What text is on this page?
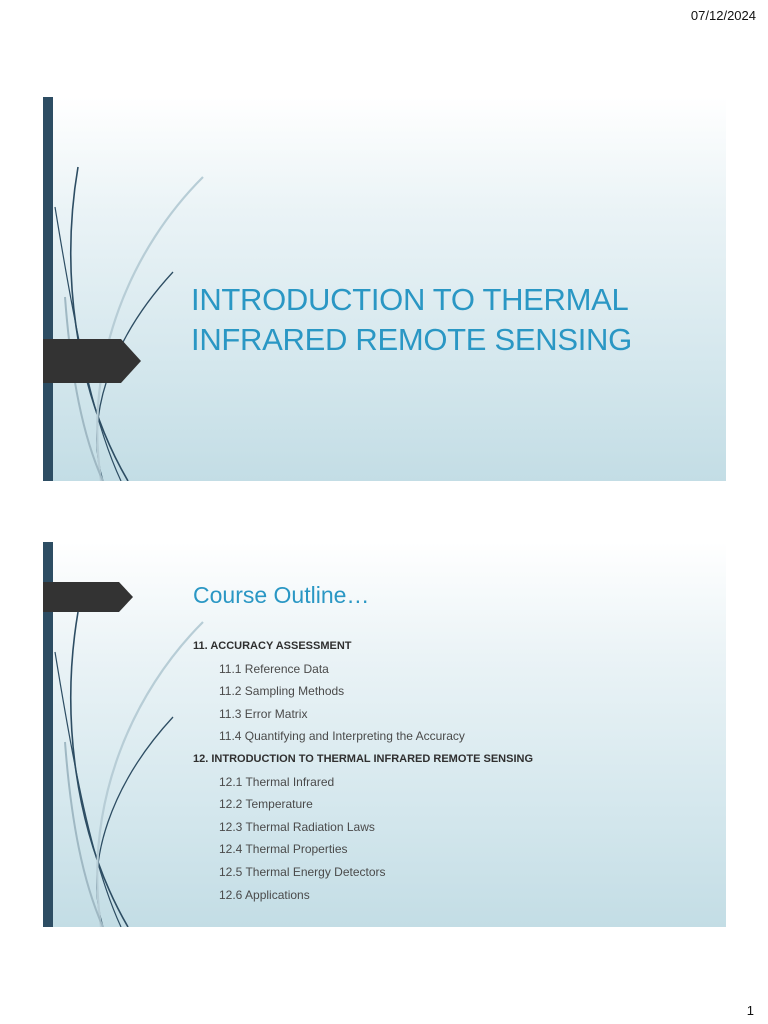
07/12/2024
INTRODUCTION TO THERMAL
INFRARED REMOTE SENSING
Course Outline…
11. ACCURACY ASSESSMENT
11.1 Reference Data
11.2 Sampling Methods
11.3 Error Matrix
11.4 Quantifying and Interpreting the Accuracy
12. INTRODUCTION TO THERMAL INFRARED REMOTE SENSING
12.1 Thermal Infrared
12.2 Temperature
12.3 Thermal Radiation Laws
12.4 Thermal Properties
12.5 Thermal Energy Detectors
12.6 Applications
1
